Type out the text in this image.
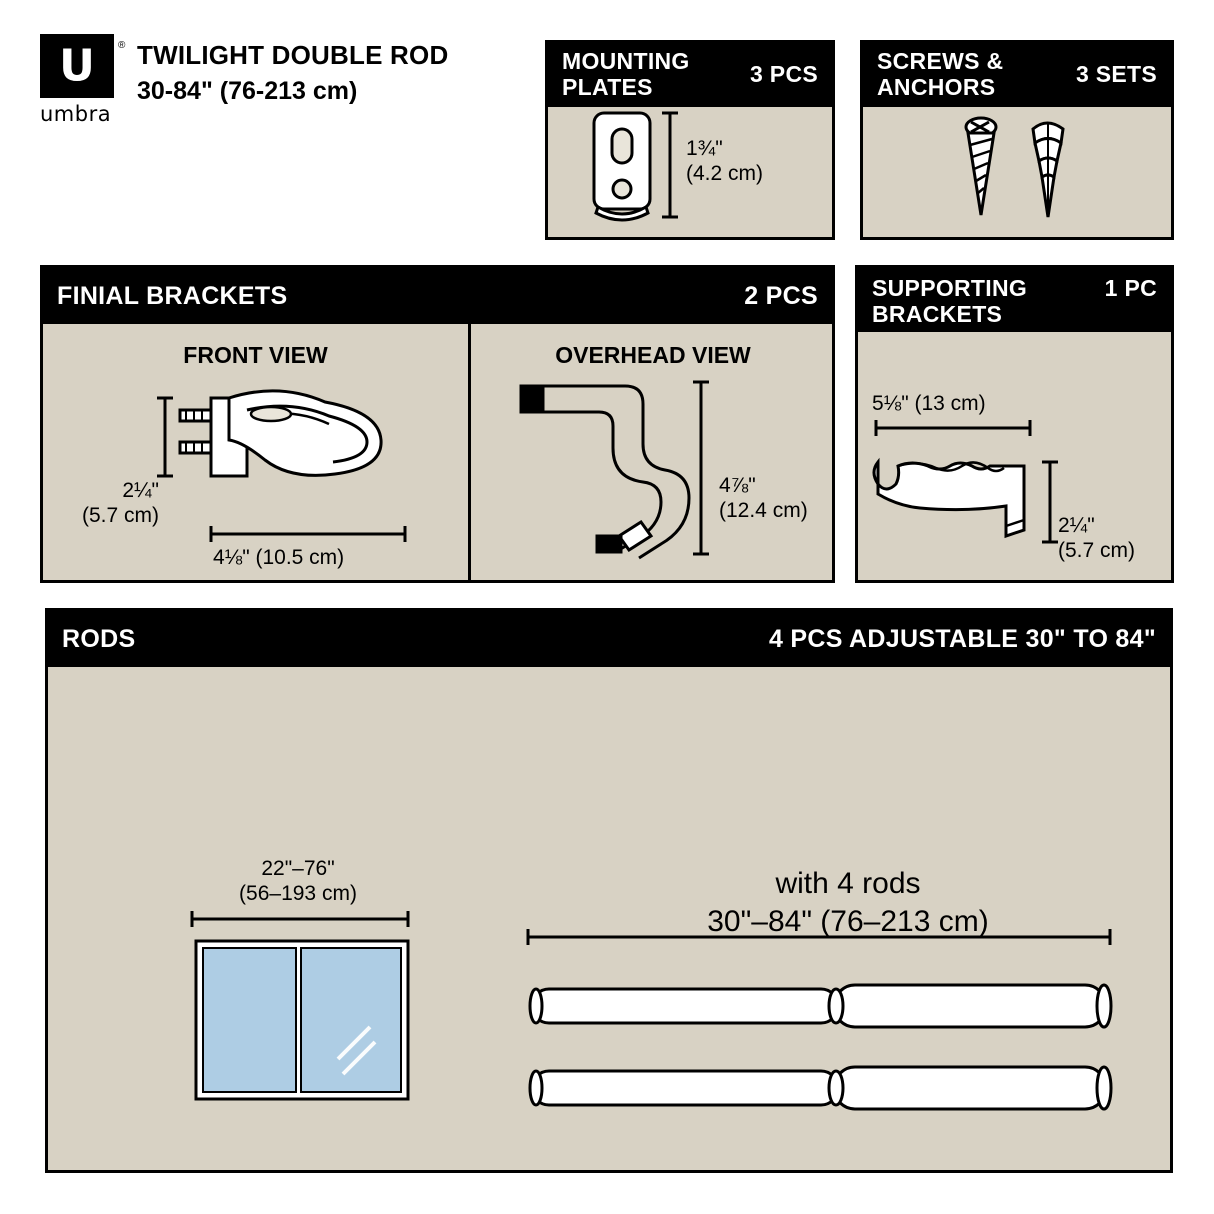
U ®
umbra
TWILIGHT DOUBLE ROD
30-84" (76-213 cm)
MOUNTING PLATES	3 PCS
1¾"
(4.2 cm)
SCREWS & ANCHORS	3 SETS
FINIAL BRACKETS	2 PCS
FRONT VIEW
2¼"
(5.7 cm)
4⅛" (10.5 cm)
OVERHEAD VIEW
4⅞"
(12.4 cm)
SUPPORTING BRACKETS
1 PC
5⅛" (13 cm)
2¼"
(5.7 cm)
RODS	4 PCS ADJUSTABLE 30" TO 84"
22"–76"
(56–193 cm)	with 4 rods
30"–84" (76–213 cm)
